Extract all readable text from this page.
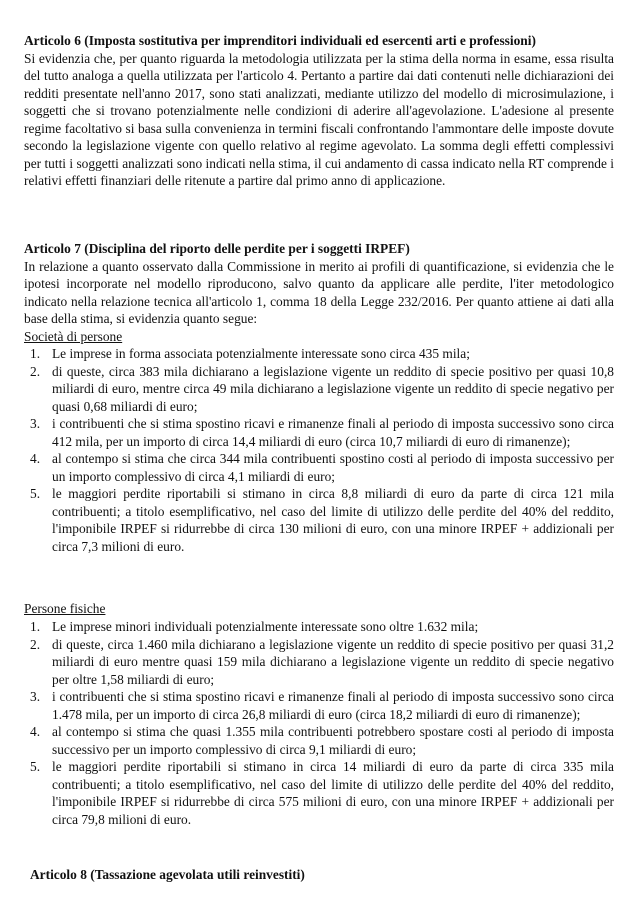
Articolo 6 (Imposta sostitutiva per imprenditori individuali ed esercenti arti e professioni)

Si evidenzia che, per quanto riguarda la metodologia utilizzata per la stima della norma in esame, essa risulta del tutto analoga a quella utilizzata per l'articolo 4. Pertanto a partire dai dati contenuti nelle dichiarazioni dei redditi presentate nell'anno 2017, sono stati analizzati, mediante utilizzo del modello di microsimulazione, i soggetti che si trovano potenzialmente nelle condizioni di aderire all'agevolazione. L'adesione al presente regime facoltativo si basa sulla convenienza in termini fiscali confrontando l'ammontare delle imposte dovute secondo la legislazione vigente con quello relativo al regime agevolato. La somma degli effetti complessivi per tutti i soggetti analizzati sono indicati nella stima, il cui andamento di cassa indicato nella RT comprende i relativi effetti finanziari delle ritenute a partire dal primo anno di applicazione.

Articolo 7 (Disciplina del riporto delle perdite per i soggetti IRPEF)

In relazione a quanto osservato dalla Commissione in merito ai profili di quantificazione, si evidenzia che le ipotesi incorporate nel modello riproducono, salvo quanto da applicare alle perdite, l'iter metodologico indicato nella relazione tecnica all'articolo 1, comma 18 della Legge 232/2016. Per quanto attiene ai dati alla base della stima, si evidenzia quanto segue:

Società di persone

1. Le imprese in forma associata potenzialmente interessate sono circa 435 mila;
2. di queste, circa 383 mila dichiarano a legislazione vigente un reddito di specie positivo per quasi 10,8 miliardi di euro, mentre circa 49 mila dichiarano a legislazione vigente un reddito di specie negativo per quasi 0,68 miliardi di euro;
3. i contribuenti che si stima spostino ricavi e rimanenze finali al periodo di imposta successivo sono circa 412 mila, per un importo di circa 14,4 miliardi di euro (circa 10,7 miliardi di euro di rimanenze);
4. al contempo si stima che circa 344 mila contribuenti spostino costi al periodo di imposta successivo per un importo complessivo di circa 4,1 miliardi di euro;
5. le maggiori perdite riportabili si stimano in circa 8,8 miliardi di euro da parte di circa 121 mila contribuenti; a titolo esemplificativo, nel caso del limite di utilizzo delle perdite del 40% del reddito, l'imponibile IRPEF si ridurrebbe di circa 130 milioni di euro, con una minore IRPEF + addizionali per circa 7,3 milioni di euro.

Persone fisiche

1. Le imprese minori individuali potenzialmente interessate sono oltre 1.632 mila;
2. di queste, circa 1.460 mila dichiarano a legislazione vigente un reddito di specie positivo per quasi 31,2 miliardi di euro mentre quasi 159 mila dichiarano a legislazione vigente un reddito di specie negativo per oltre 1,58 miliardi di euro;
3. i contribuenti che si stima spostino ricavi e rimanenze finali al periodo di imposta successivo sono circa 1.478 mila, per un importo di circa 26,8 miliardi di euro (circa 18,2 miliardi di euro di rimanenze);
4. al contempo si stima che quasi 1.355 mila contribuenti potrebbero spostare costi al periodo di imposta successivo per un importo complessivo di circa 9,1 miliardi di euro;
5. le maggiori perdite riportabili si stimano in circa 14 miliardi di euro da parte di circa 335 mila contribuenti; a titolo esemplificativo, nel caso del limite di utilizzo delle perdite del 40% del reddito, l'imponibile IRPEF si ridurrebbe di circa 575 milioni di euro, con una minore IRPEF + addizionali per circa 79,8 milioni di euro.

Articolo 8 (Tassazione agevolata utili reinvestiti)
